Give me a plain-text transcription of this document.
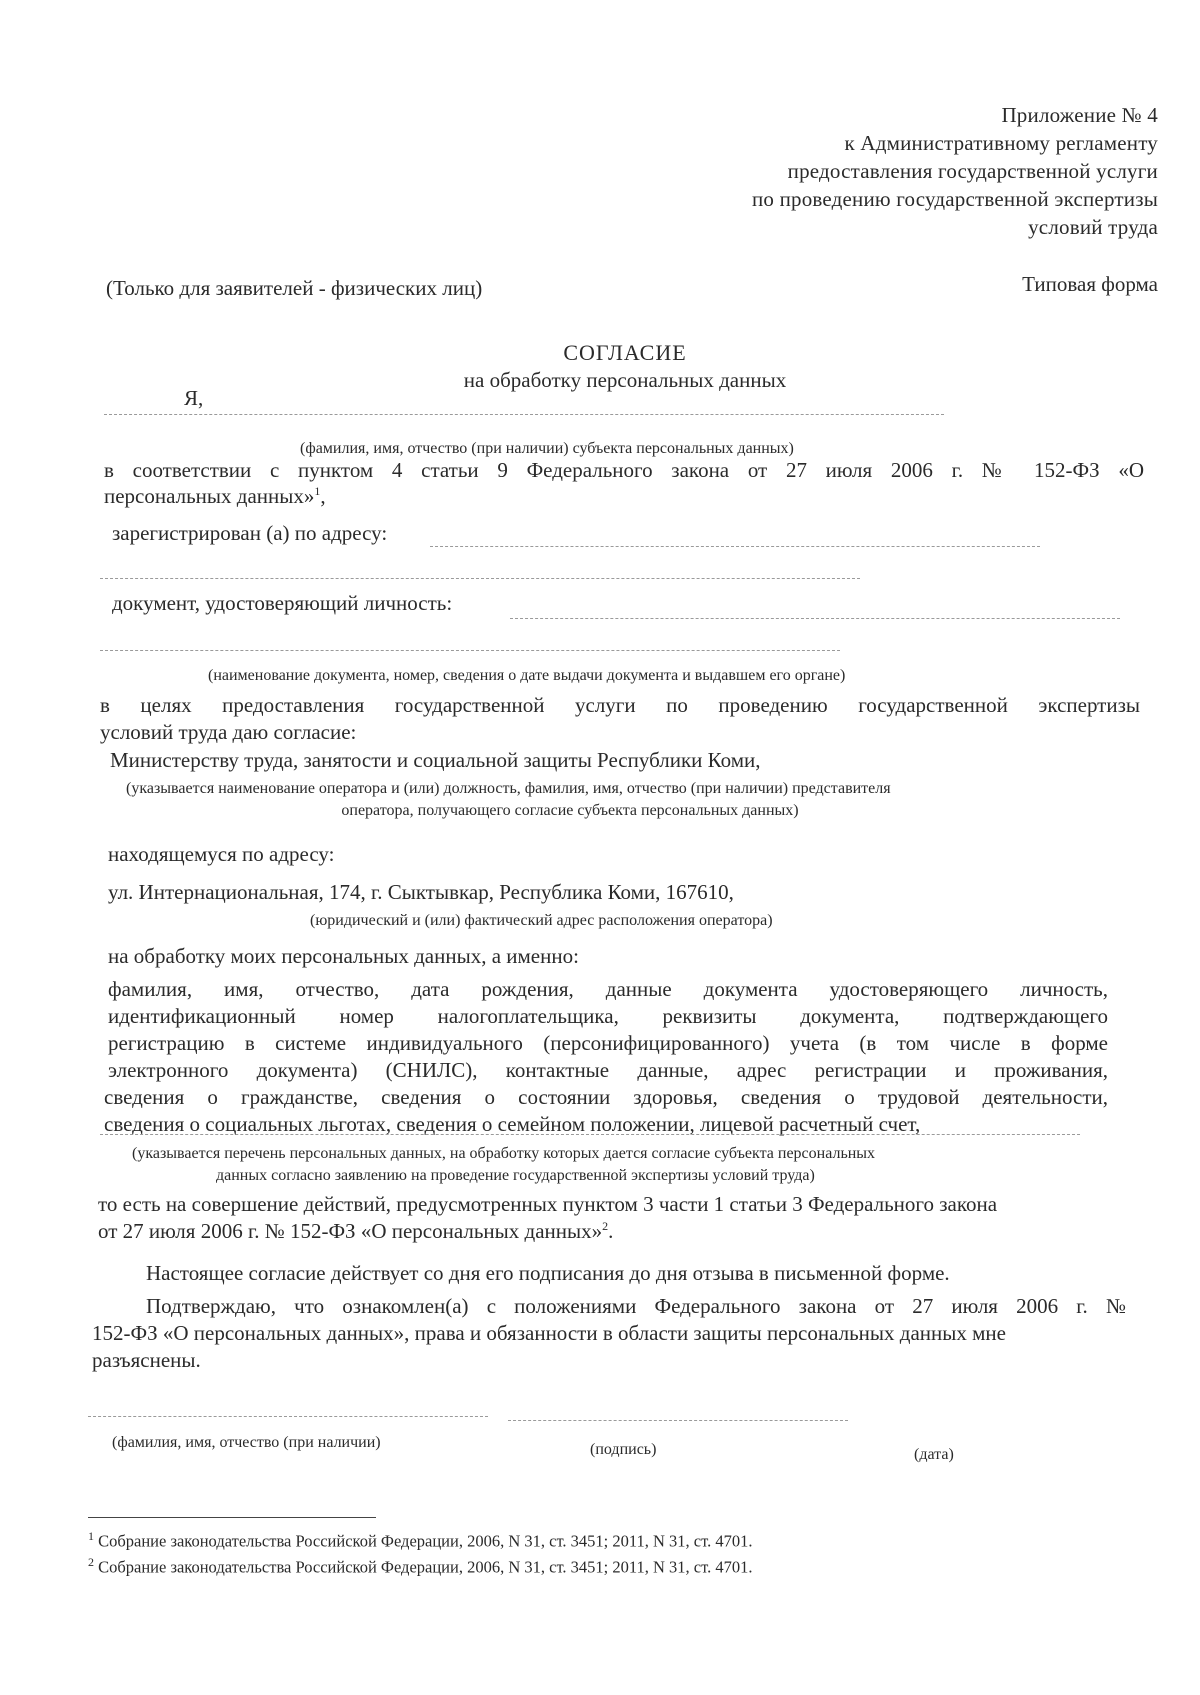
Приложение № 4
к Административному регламенту
предоставления государственной услуги
по проведению государственной экспертизы
условий труда
(Только для заявителей - физических лиц)	Типовая форма
СОГЛАСИЕ
на обработку персональных данных
Я,
(фамилия, имя, отчество (при наличии) субъекта персональных данных)
в соответствии с пунктом 4 статьи 9 Федерального закона от 27 июля 2006 г. № 152-ФЗ «О
персональных данных»$^1$,
зарегистрирован (а) по адресу:
документ, удостоверяющий личность:
(наименование документа, номер, сведения о дате выдачи документа и выдавшем его органе)
в целях предоставления государственной услуги по проведению государственной экспертизы
условий труда даю согласие:
Министерству труда, занятости и социальной защиты Республики Коми,
(указывается наименование оператора и (или) должность, фамилия, имя, отчество (при наличии) представителя
оператора, получающего согласие субъекта персональных данных)
находящемуся по адресу:
ул. Интернациональная, 174, г. Сыктывкар, Республика Коми, 167610,
(юридический и (или) фактический адрес расположения оператора)
на обработку моих персональных данных, а именно:
фамилия, имя, отчество, дата рождения, данные документа удостоверяющего личность,
идентификационный номер налогоплательщика, реквизиты документа, подтверждающего
регистрацию в системе индивидуального (персонифицированного) учета (в том числе в форме
электронного документа) (СНИЛС), контактные данные, адрес регистрации и проживания,
сведения о гражданстве, сведения о состоянии здоровья, сведения о трудовой деятельности,
сведения о социальных льготах, сведения о семейном положении, лицевой расчетный счет,
(указывается перечень персональных данных, на обработку которых дается согласие субъекта персональных
данных согласно заявлению на проведение государственной экспертизы условий труда)
то есть на совершение действий, предусмотренных пунктом 3 части 1 статьи 3 Федерального закона
от 27 июля 2006 г. № 152-ФЗ «О персональных данных»$^2$.
Настоящее согласие действует со дня его подписания до дня отзыва в письменной форме.
Подтверждаю, что ознакомлен(а) с положениями Федерального закона от 27 июля 2006 г. №
152-ФЗ «О персональных данных», права и обязанности в области защиты персональных данных мне
разъяснены.
(фамилия, имя, отчество (при наличии)	(подпись)	(дата)
$^1$ Собрание законодательства Российской Федерации, 2006, N 31, ст. 3451; 2011, N 31, ст. 4701.
$^2$ Собрание законодательства Российской Федерации, 2006, N 31, ст. 3451; 2011, N 31, ст. 4701.
